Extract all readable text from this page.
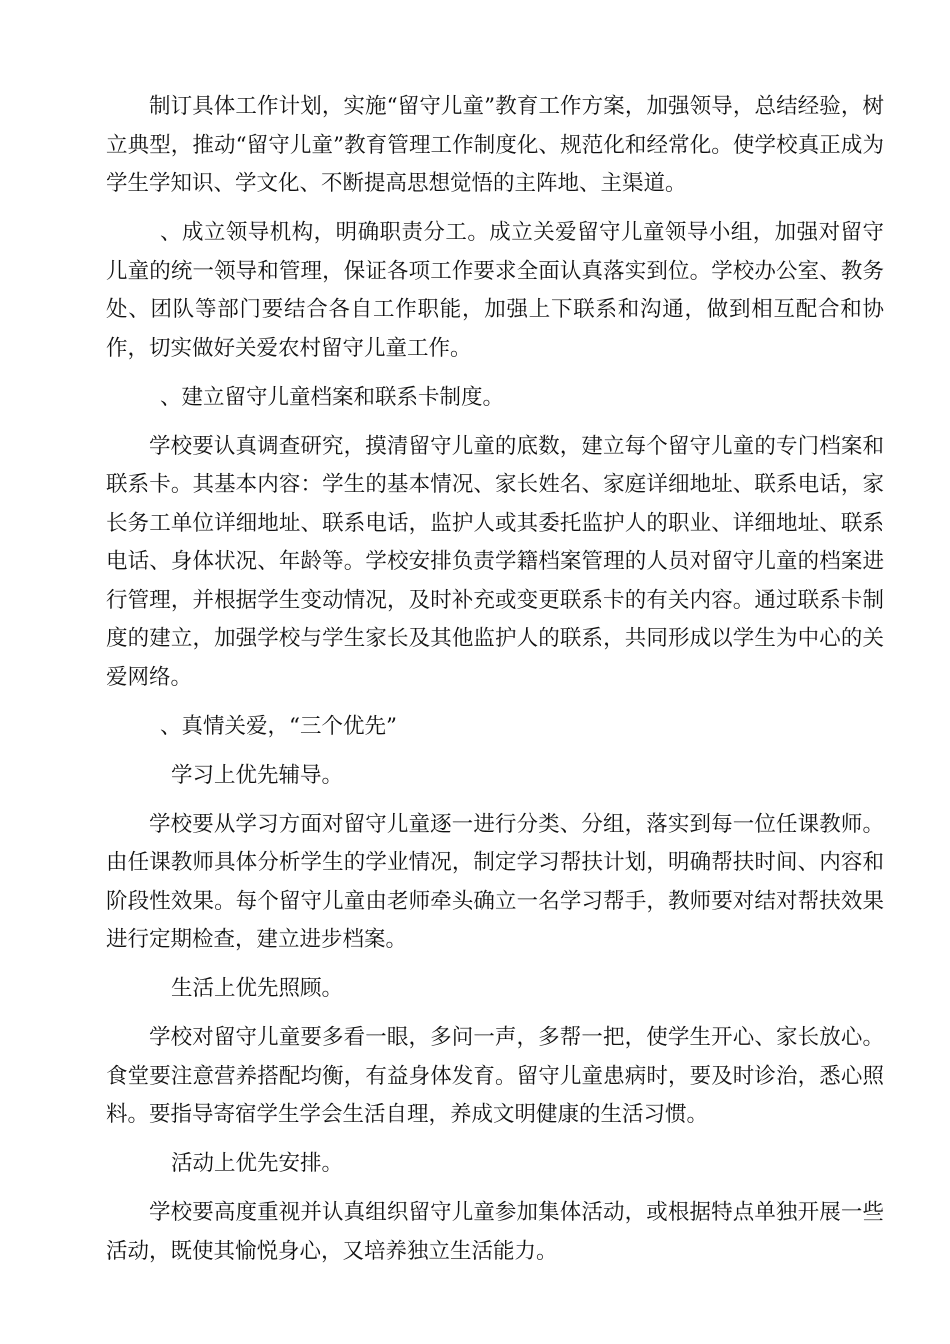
制订具体工作计划，实施“留守儿童”教育工作方案，加强领导，总结经验，树立典型，推动“留守儿童”教育管理工作制度化、规范化和经常化。使学校真正成为学生学知识、学文化、不断提高思想觉悟的主阵地、主渠道。

、成立领导机构，明确职责分工。成立关爱留守儿童领导小组，加强对留守儿童的统一领导和管理，保证各项工作要求全面认真落实到位。学校办公室、教务处、团队等部门要结合各自工作职能，加强上下联系和沟通，做到相互配合和协作，切实做好关爱农村留守儿童工作。

、建立留守儿童档案和联系卡制度。

学校要认真调查研究，摸清留守儿童的底数，建立每个留守儿童的专门档案和联系卡。其基本内容：学生的基本情况、家长姓名、家庭详细地址、联系电话，家长务工单位详细地址、联系电话，监护人或其委托监护人的职业、详细地址、联系电话、身体状况、年龄等。学校安排负责学籍档案管理的人员对留守儿童的档案进行管理，并根据学生变动情况，及时补充或变更联系卡的有关内容。通过联系卡制度的建立，加强学校与学生家长及其他监护人的联系，共同形成以学生为中心的关爱网络。

、真情关爱，“三个优先”

学习上优先辅导。

学校要从学习方面对留守儿童逐一进行分类、分组，落实到每一位任课教师。由任课教师具体分析学生的学业情况，制定学习帮扶计划，明确帮扶时间、内容和阶段性效果。每个留守儿童由老师牵头确立一名学习帮手，教师要对结对帮扶效果进行定期检查，建立进步档案。

生活上优先照顾。

学校对留守儿童要多看一眼，多问一声，多帮一把，使学生开心、家长放心。食堂要注意营养搭配均衡，有益身体发育。留守儿童患病时，要及时诊治，悉心照料。要指导寄宿学生学会生活自理，养成文明健康的生活习惯。

活动上优先安排。

学校要高度重视并认真组织留守儿童参加集体活动，或根据特点单独开展一些活动，既使其愉悦身心，又培养独立生活能力。
